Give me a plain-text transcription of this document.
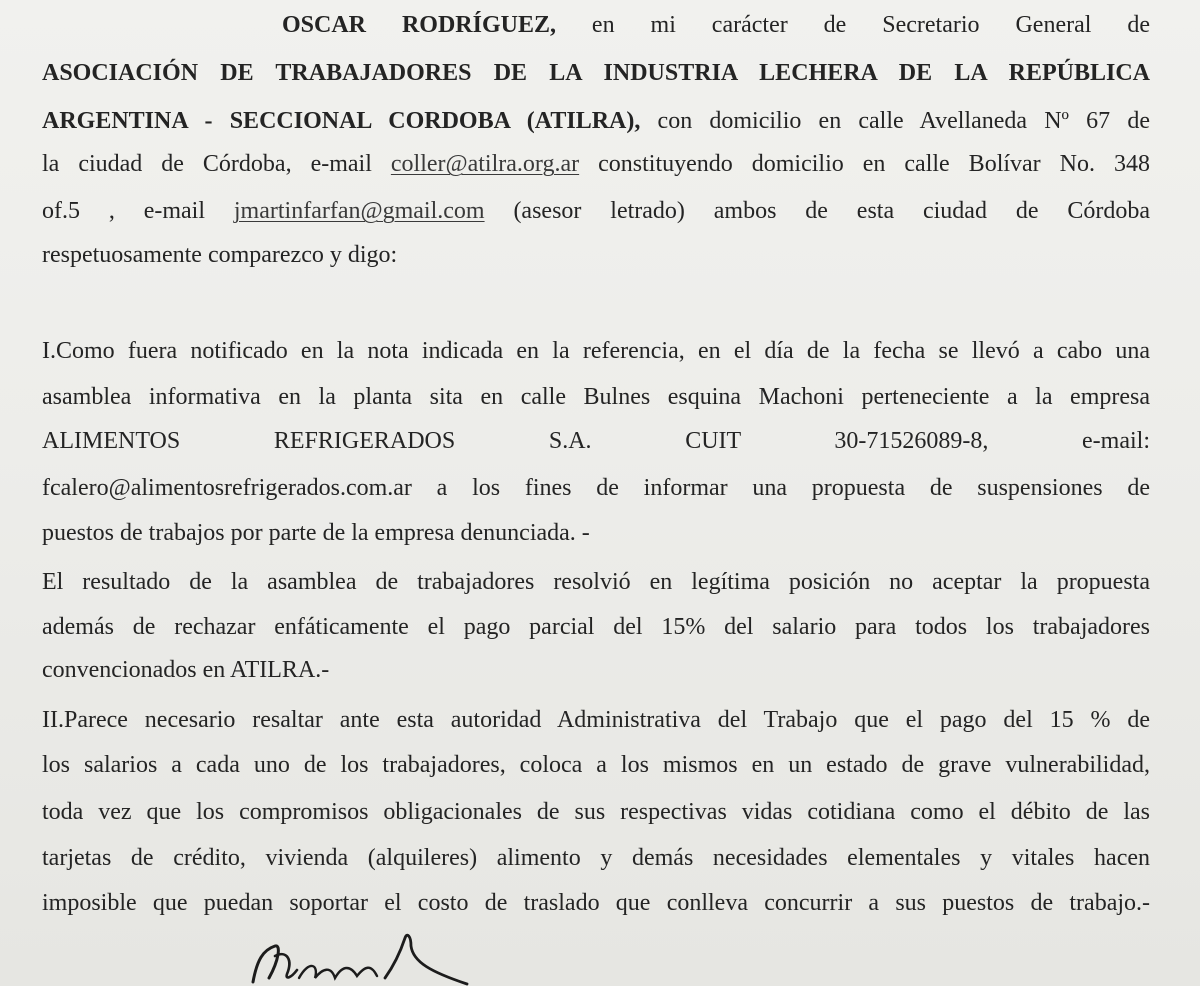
OSCAR RODRÍGUEZ, en mi carácter de Secretario General de
ASOCIACIÓN DE TRABAJADORES DE LA INDUSTRIA LECHERA DE LA REPÚBLICA
ARGENTINA - SECCIONAL CORDOBA (ATILRA), con domicilio en calle Avellaneda Nº 67 de
la ciudad de Córdoba, e-mail coller@atilra.org.ar constituyendo domicilio en calle Bolívar No. 348
of.5 , e-mail jmartinfarfan@gmail.com (asesor letrado) ambos de esta ciudad de Córdoba
respetuosamente comparezco y digo:
I.Como fuera notificado en la nota indicada en la referencia, en el día de la fecha se llevó a cabo una
asamblea informativa en la planta sita en calle Bulnes esquina Machoni perteneciente a la empresa
ALIMENTOS REFRIGERADOS S.A. CUIT 30-71526089-8, e-mail:
fcalero@alimentosrefrigerados.com.ar a los fines de informar una propuesta de suspensiones de
puestos de trabajos por parte de la empresa denunciada. -
El resultado de la asamblea de trabajadores resolvió en legítima posición no aceptar la propuesta
además de rechazar enfáticamente el pago parcial del 15% del salario para todos los trabajadores
convencionados en ATILRA.-
II.Parece necesario resaltar ante esta autoridad Administrativa del Trabajo que el pago del 15 % de
los salarios a cada uno de los trabajadores, coloca a los mismos en un estado de grave vulnerabilidad,
toda vez que los compromisos obligacionales de sus respectivas vidas cotidiana como el débito de las
tarjetas de crédito, vivienda (alquileres) alimento y demás necesidades elementales y vitales hacen
imposible que puedan soportar el costo de traslado que conlleva concurrir a sus puestos de trabajo.-
